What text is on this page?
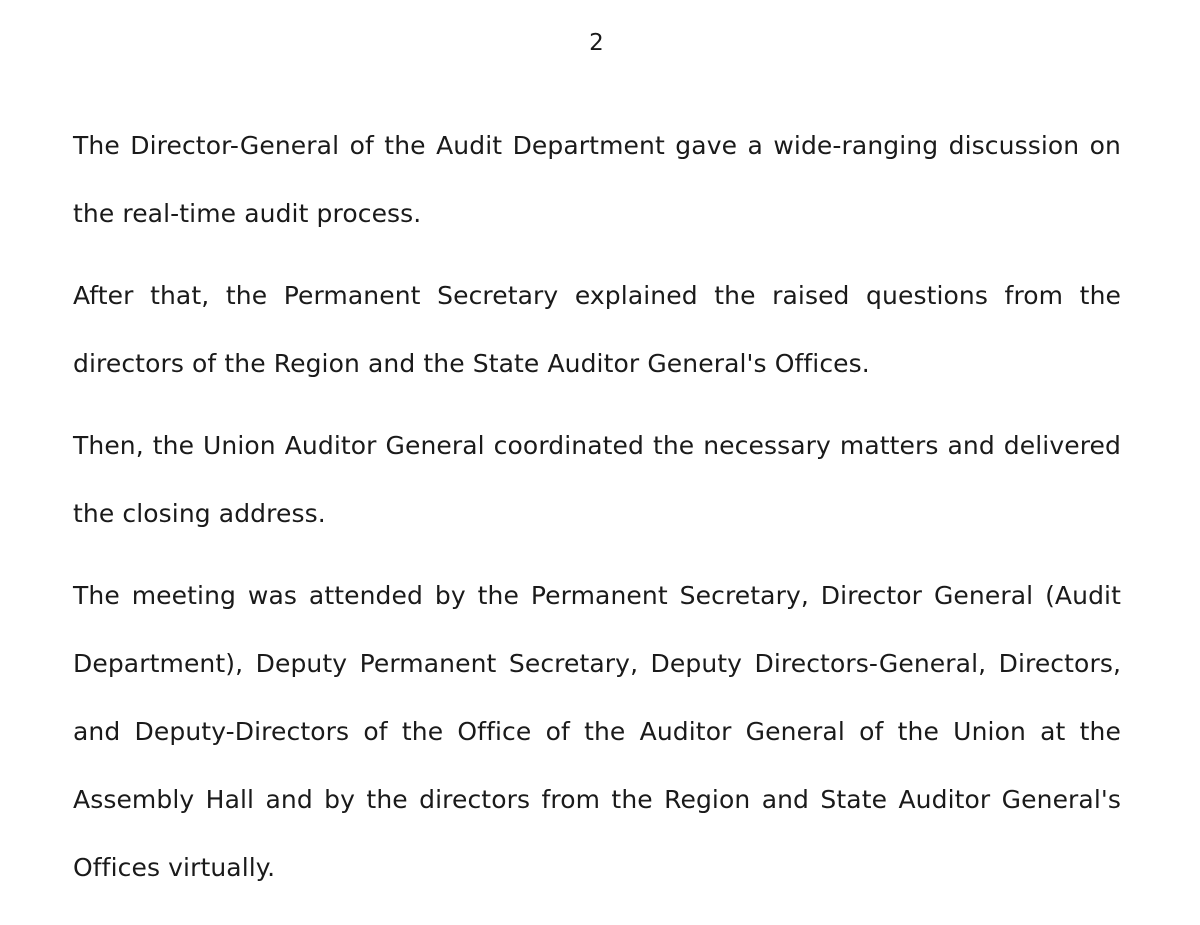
2

The Director-General of the Audit Department gave a wide-ranging discussion on the real-time audit process.

After that, the Permanent Secretary explained the raised questions from the directors of the Region and the State Auditor General's Offices.

Then, the Union Auditor General coordinated the necessary matters and delivered the closing address.

The meeting was attended by the Permanent Secretary, Director General (Audit Department), Deputy Permanent Secretary, Deputy Directors-General, Directors, and Deputy-Directors of the Office of the Auditor General of the Union at the Assembly Hall and by the directors from the Region and State Auditor General's Offices virtually.
